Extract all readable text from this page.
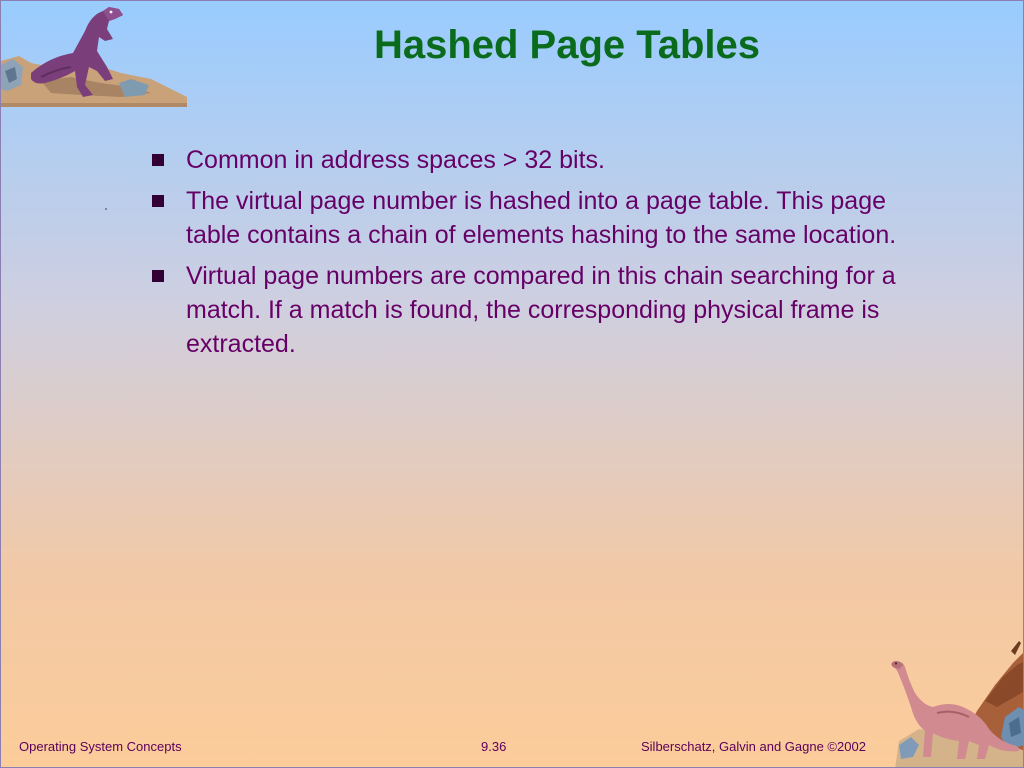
Hashed Page Tables
Common in address spaces > 32 bits.
The virtual page number is hashed into a page table. This page table contains a chain of elements hashing to the same location.
Virtual page numbers are compared in this chain searching for a match. If a match is found, the corresponding physical frame is extracted.
Operating System Concepts	9.36	Silberschatz, Galvin and Gagne ©2002
